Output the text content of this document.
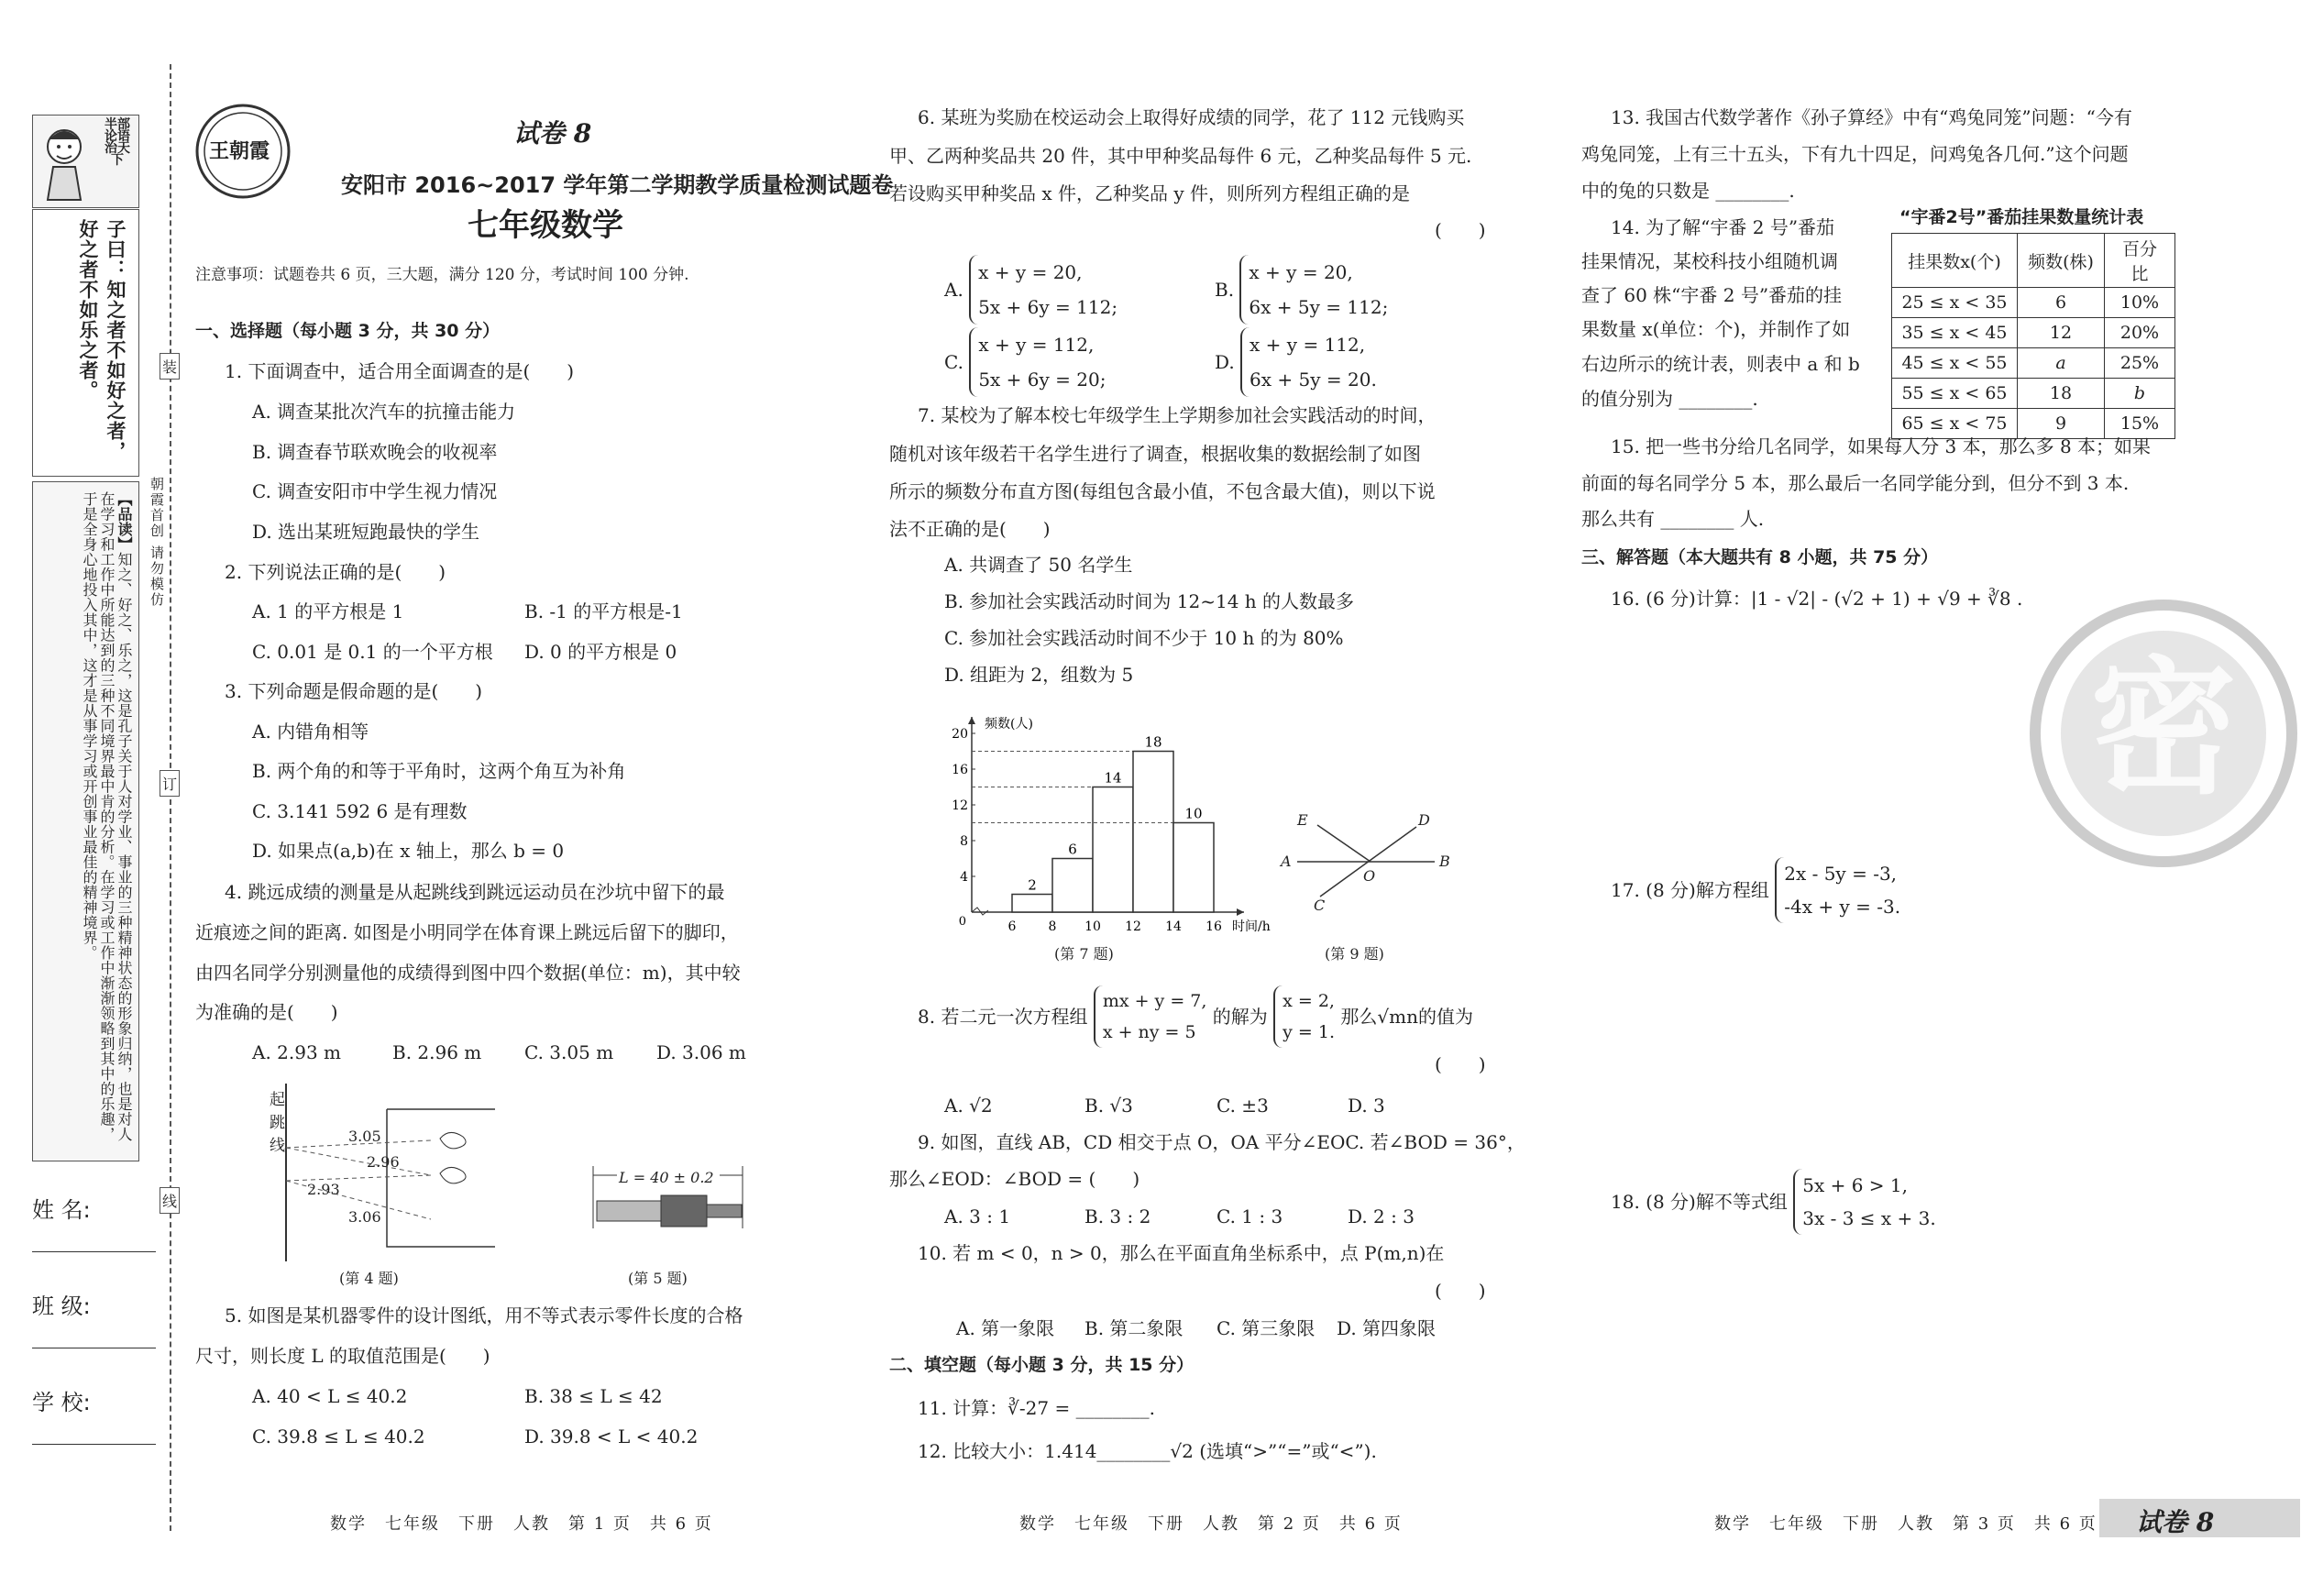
半部
论语
治天
下
子曰：知之者不如好之者，好之者不如乐之者。
【品读】知之、好之、乐之，这是孔子关于人对学业、事业的三种精神状态的形象归纳，也是对人在学习和工作中所能达到的三种不同境界最中肯的分析。在学习或工作中渐渐领略到其中的乐趣，于是全身心地投入其中，这才是从事学习或开创事业最佳的精神境界。
姓 名:
班 级:
学 校:
装
订
线
朝霞首创 请勿模仿
王朝霞
试卷 8
安阳市 2016~2017 学年第二学期教学质量检测试题卷
七年级数学
注意事项：试题卷共 6 页，三大题，满分 120 分，考试时间 100 分钟.
一、选择题（每小题 3 分，共 30 分）
1. 下面调查中，适合用全面调查的是(　　)
A. 调查某批次汽车的抗撞击能力
B. 调查春节联欢晚会的收视率
C. 调查安阳市中学生视力情况
D. 选出某班短跑最快的学生
2. 下列说法正确的是(　　)
A. 1 的平方根是 1	B. -1 的平方根是-1
C. 0.01 是 0.1 的一个平方根 D. 0 的平方根是 0
3. 下列命题是假命题的是(　　)
A. 内错角相等
B. 两个角的和等于平角时，这两个角互为补角
C. 3.141 592 6 是有理数
D. 如果点(a,b)在 x 轴上，那么 b = 0
4. 跳远成绩的测量是从起跳线到跳远运动员在沙坑中留下的最
近痕迹之间的距离. 如图是小明同学在体育课上跳远后留下的脚印，
由四名同学分别测量他的成绩得到图中四个数据(单位：m)，其中较
为准确的是(　　)
A. 2.93 m	B. 2.96 m C. 3.05 m D. 3.06 m
起跳线	3.05
2.96
2.93
3.06
(第 4 题)
L = 40 ± 0.2
(第 5 题)
5. 如图是某机器零件的设计图纸，用不等式表示零件长度的合格
尺寸，则长度 L 的取值范围是(　　)
A. 40 < L ≤ 40.2	B. 38 ≤ L ≤ 42
C. 39.8 ≤ L ≤ 40.2	D. 39.8 < L < 40.2
数学　七年级　下册　人教　第 1 页　共 6 页
6. 某班为奖励在校运动会上取得好成绩的同学，花了 112 元钱购买
甲、乙两种奖品共 20 件，其中甲种奖品每件 6 元，乙种奖品每件 5 元.
若设购买甲种奖品 x 件，乙种奖品 y 件，则所列方程组正确的是
(　　)
A. x + y = 20,
5x + 6y = 112;
B. x + y = 20,
6x + 5y = 112;
C. x + y = 112,
5x + 6y = 20;
D. x + y = 112,
6x + 5y = 20.
7. 某校为了解本校七年级学生上学期参加社会实践活动的时间，
随机对该年级若干名学生进行了调查，根据收集的数据绘制了如图
所示的频数分布直方图(每组包含最小值，不包含最大值)，则以下说
法不正确的是(　　)
A. 共调查了 50 名学生
B. 参加社会实践活动时间为 12~14 h 的人数最多
C. 参加社会实践活动时间不少于 10 h 的为 80%
D. 组距为 2，组数为 5
频数(人)
时间/h
0
4
8
12
16
20
6	8 10 12 14 16
2
6
14
18
10
(第 7 题)
E	D
A	B
O
C
(第 9 题)
8. 若二元一次方程组 mx + y = 7,
x + ny = 5 的解为 x = 2,
y = 1. 那么√mn的值为
(　　)
A. √2	B. √3	C. ±3	D. 3
9. 如图，直线 AB，CD 相交于点 O，OA 平分∠EOC. 若∠BOD = 36°，
那么∠EOD：∠BOD = (　　)
A. 3 : 1	B. 3 : 2	C. 1 : 3	D. 2 : 3
10. 若 m < 0，n > 0，那么在平面直角坐标系中，点 P(m,n)在
(　　)
A. 第一象限 B. 第二象限 C. 第三象限 D. 第四象限
二、填空题（每小题 3 分，共 15 分）
11. 计算：∛-27 = ________.
12. 比较大小：1.414________√2 (选填“>”“=”或“<”).
数学　七年级　下册　人教　第 2 页　共 6 页
13. 我国古代数学著作《孙子算经》中有“鸡兔同笼”问题：“今有
鸡兔同笼，上有三十五头，下有九十四足，问鸡兔各几何.”这个问题
中的兔的只数是 ________.
14. 为了解“宇番 2 号”番茄
挂果情况，某校科技小组随机调
查了 60 株“宇番 2 号”番茄的挂
果数量 x(单位：个)，并制作了如
右边所示的统计表，则表中 a 和 b
的值分别为 ________.
“宇番2号”番茄挂果数量统计表
挂果数x(个)	频数(株)	百分比
25 ≤ x < 35	6	10%
35 ≤ x < 45	12	20%
45 ≤ x < 55	a	25%
55 ≤ x < 65	18	b
65 ≤ x < 75	9	15%
15. 把一些书分给几名同学，如果每人分 3 本，那么多 8 本；如果
前面的每名同学分 5 本，那么最后一名同学能分到，但分不到 3 本.
那么共有 ________ 人.
三、解答题（本大题共有 8 小题，共 75 分）
16. (6 分)计算：|1 - √2| - (√2 + 1) + √9 + ∛8 .
17. (8 分)解方程组 2x - 5y = -3,
-4x + y = -3.
18. (8 分)解不等式组 5x + 6 > 1,
3x - 3 ≤ x + 3.
密
数学　七年级　下册　人教　第 3 页　共 6 页 试卷 8
